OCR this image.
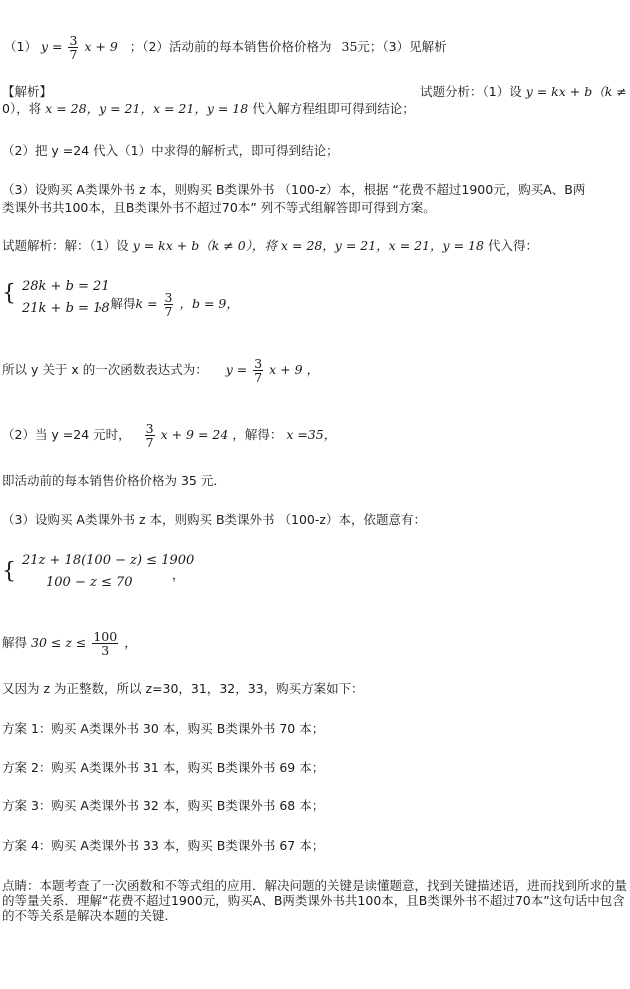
（1） $y = \frac{3}{7}$ x + 9 ；（2）活动前的每本销售价格价格为 35元；（3）见解析
【解析】	试题分析：（1）设 y = kx + b（k ≠
0），将 x = 28，y = 21，x = 21，y = 18 代入解方程组即可得到结论；
（2）把 y =24 代入（1）中求得的解析式，即可得到结论；
（3）设购买 A类课外书 z 本，则购买 B类课外书 （100-z）本，根据 “花费不超过1900元，购买A、B两
类课外书共100本，且B类课外书不超过70本” 列不等式组解答即可得到方案。
试题解析：解：（1）设 y = kx + b（k ≠ 0），将 x = 28，y = 21，x = 21，y = 18 代入得：
{ 28k + b = 21
21k + b = 18
，解得$k = \frac{3}{7}$ ，b = 9，
所以 y 关于 x 的一次函数表达式为： $y = \frac{3}{7}$ x + 9 ，
（2）当 y =24 元时， $\frac{3}{7}$ x + 9 = 24 ，解得： x =35，
即活动前的每本销售价格价格为 35 元．
（3）设购买 A类课外书 z 本，则购买 B类课外书 （100-z）本，依题意有：
{ 21z + 18(100 − z) ≤ 1900
100 − z ≤ 70
，
解得 $30 \le z \le \frac{100}{3}$ ，
又因为 z 为正整数，所以 z=30，31，32，33，购买方案如下：
方案 1：购买 A类课外书 30 本，购买 B类课外书 70 本；
方案 2：购买 A类课外书 31 本，购买 B类课外书 69 本；
方案 3：购买 A类课外书 32 本，购买 B类课外书 68 本；
方案 4：购买 A类课外书 33 本，购买 B类课外书 67 本；
点睛：本题考查了一次函数和不等式组的应用．解决问题的关键是读懂题意，找到关键描述语，进而找到所求的量的等量关系．理解“花费不超过1900元，购买A、B两类课外书共100本，且B类课外书不超过70本”这句话中包含的不等关系是解决本题的关键．
